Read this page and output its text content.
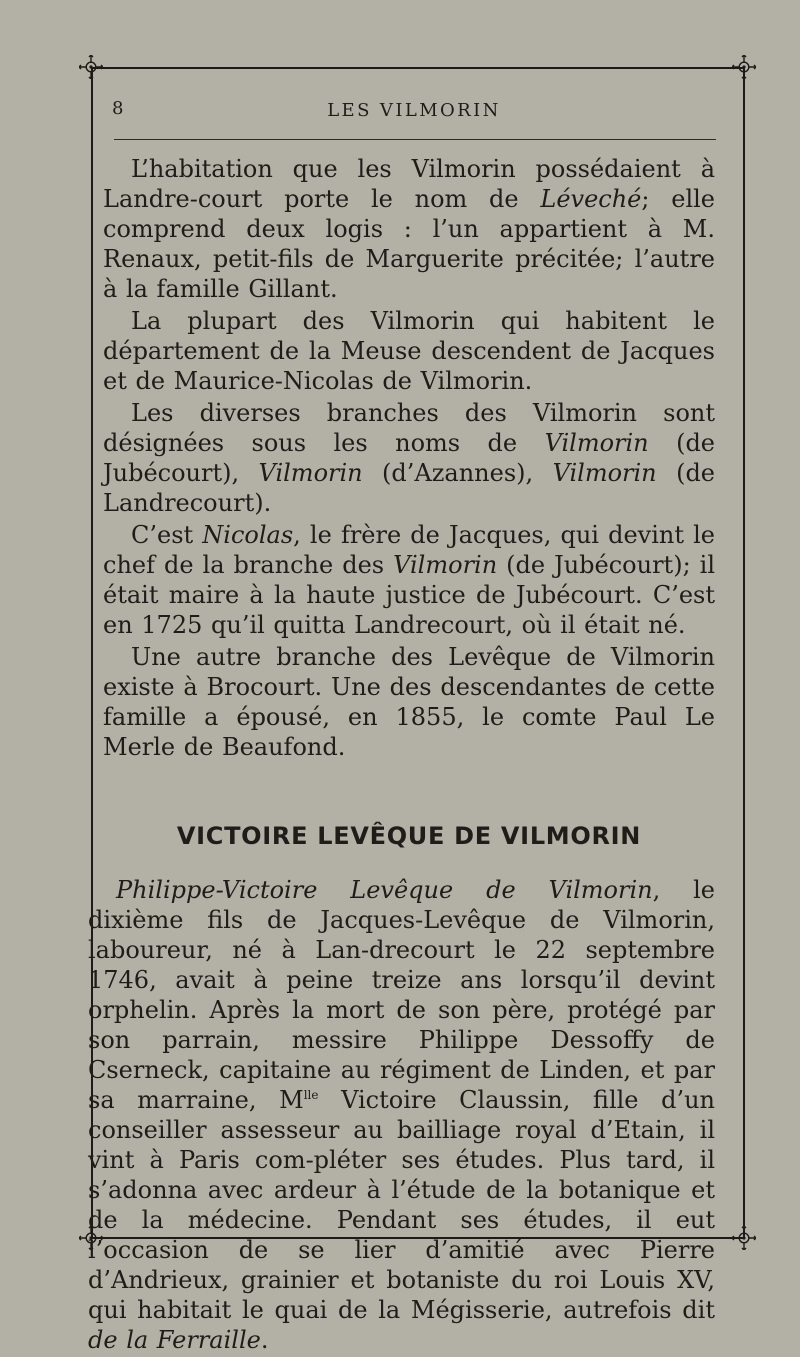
8	LES VILMORIN

L’habitation que les Vilmorin possédaient à Landre-court porte le nom de Léveché; elle comprend deux logis : l’un appartient à M. Renaux, petit-fils de Marguerite précitée; l’autre à la famille Gillant.

La plupart des Vilmorin qui habitent le département de la Meuse descendent de Jacques et de Maurice-Nicolas de Vilmorin.

Les diverses branches des Vilmorin sont désignées sous les noms de Vilmorin (de Jubécourt), Vilmorin (d’Azannes), Vilmorin (de Landrecourt).

C’est Nicolas, le frère de Jacques, qui devint le chef de la branche des Vilmorin (de Jubécourt); il était maire à la haute justice de Jubécourt. C’est en 1725 qu’il quitta Landrecourt, où il était né.

Une autre branche des Levêque de Vilmorin existe à Brocourt. Une des descendantes de cette famille a épousé, en 1855, le comte Paul Le Merle de Beaufond.

VICTOIRE LEVÊQUE DE VILMORIN

Philippe-Victoire Levêque de Vilmorin, le dixième fils de Jacques-Levêque de Vilmorin, laboureur, né à Lan-drecourt le 22 septembre 1746, avait à peine treize ans lorsqu’il devint orphelin. Après la mort de son père, protégé par son parrain, messire Philippe Dessoffy de Cserneck, capitaine au régiment de Linden, et par sa marraine, $M^{lle}$ Victoire Claussin, fille d’un conseiller assesseur au bailliage royal d’Etain, il vint à Paris com-pléter ses études. Plus tard, il s’adonna avec ardeur à l’étude de la botanique et de la médecine. Pendant ses études, il eut l’occasion de se lier d’amitié avec Pierre d’Andrieux, grainier et botaniste du roi Louis XV, qui habitait le quai de la Mégisserie, autrefois dit de la Ferraille.
